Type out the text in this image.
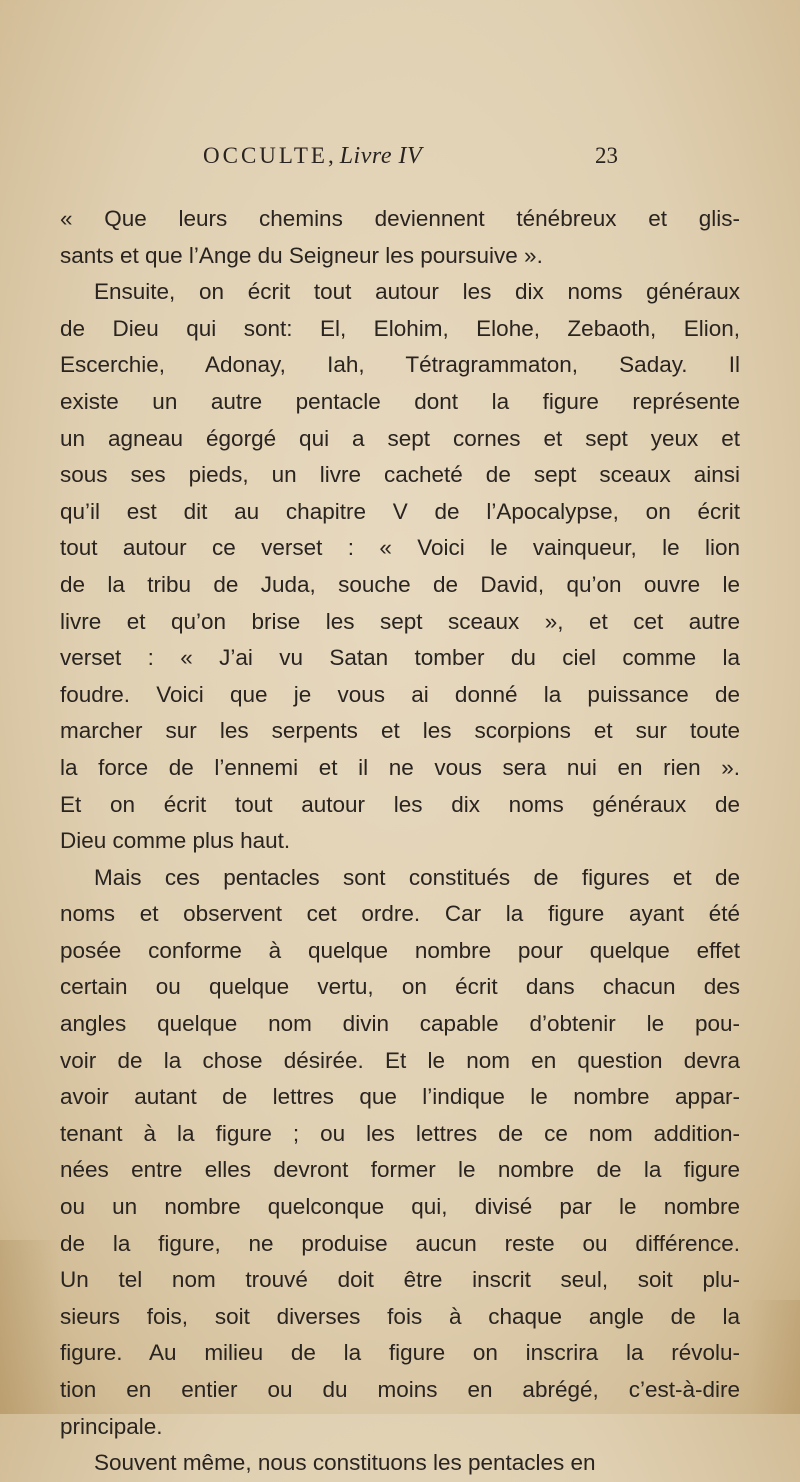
OCCULTE, Livre IV	23
« Que leurs chemins deviennent ténébreux et glis-
sants et que l’Ange du Seigneur les poursuive ».
Ensuite, on écrit tout autour les dix noms généraux
de Dieu qui sont: El, Elohim, Elohe, Zebaoth, Elion,
Escerchie, Adonay, Iah, Tétragrammaton, Saday. Il
existe un autre pentacle dont la figure représente
un agneau égorgé qui a sept cornes et sept yeux et
sous ses pieds, un livre cacheté de sept sceaux ainsi
qu’il est dit au chapitre V de l’Apocalypse, on écrit
tout autour ce verset : « Voici le vainqueur, le lion
de la tribu de Juda, souche de David, qu’on ouvre le
livre et qu’on brise les sept sceaux », et cet autre
verset : « J’ai vu Satan tomber du ciel comme la
foudre. Voici que je vous ai donné la puissance de
marcher sur les serpents et les scorpions et sur toute
la force de l’ennemi et il ne vous sera nui en rien ».
Et on écrit tout autour les dix noms généraux de
Dieu comme plus haut.
Mais ces pentacles sont constitués de figures et de
noms et observent cet ordre. Car la figure ayant été
posée conforme à quelque nombre pour quelque effet
certain ou quelque vertu, on écrit dans chacun des
angles quelque nom divin capable d’obtenir le pou-
voir de la chose désirée. Et le nom en question devra
avoir autant de lettres que l’indique le nombre appar-
tenant à la figure ; ou les lettres de ce nom addition-
nées entre elles devront former le nombre de la figure
ou un nombre quelconque qui, divisé par le nombre
de la figure, ne produise aucun reste ou différence.
Un tel nom trouvé doit être inscrit seul, soit plu-
sieurs fois, soit diverses fois à chaque angle de la
figure. Au milieu de la figure on inscrira la révolu-
tion en entier ou du moins en abrégé, c’est-à-dire
principale.
Souvent même, nous constituons les pentacles en
